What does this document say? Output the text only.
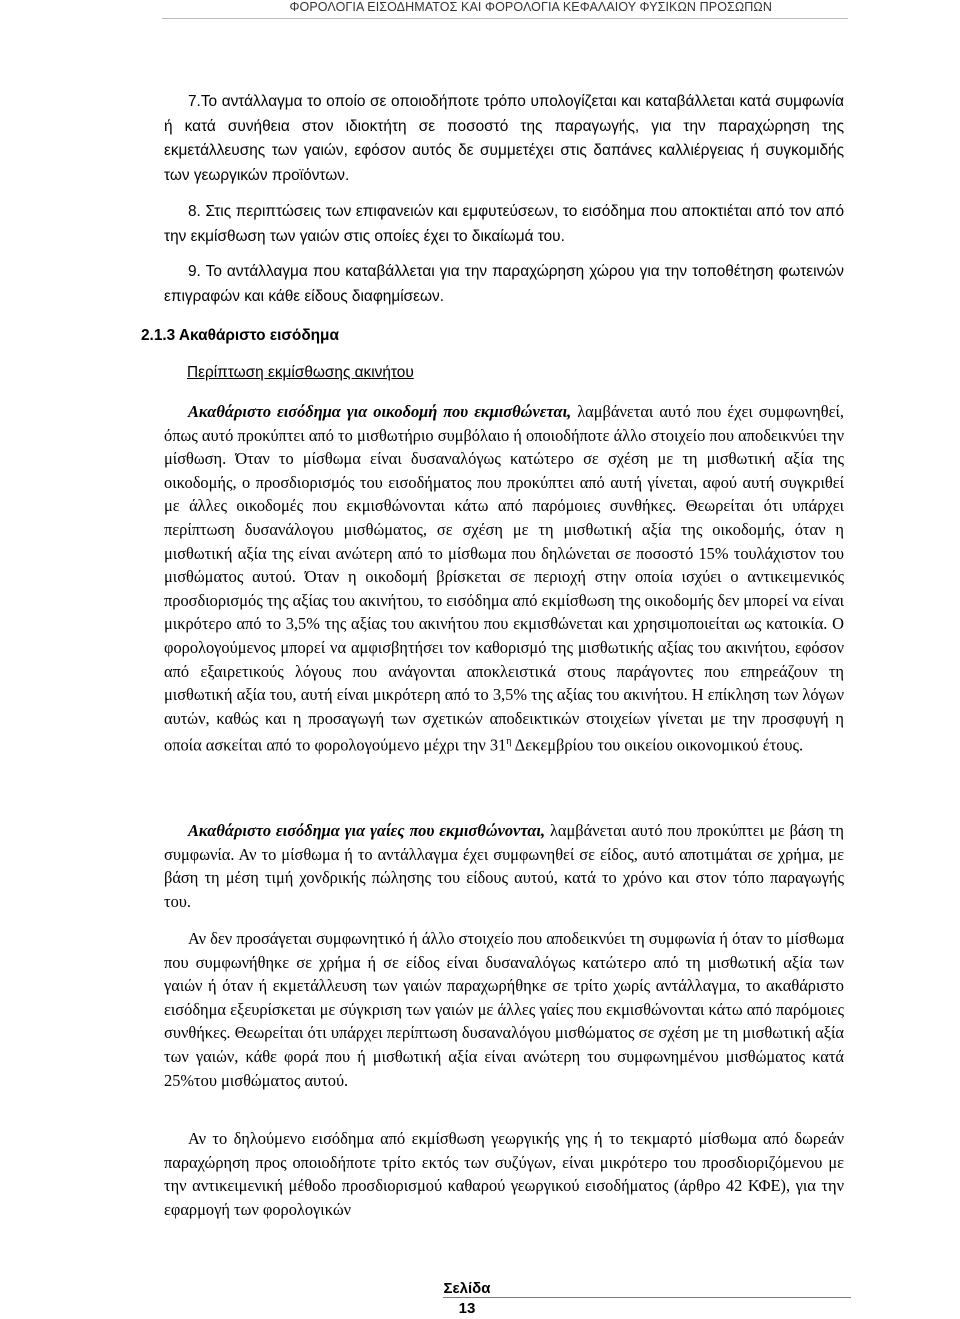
ΦΟΡΟΛΟΓΙΑ ΕΙΣΟΔΗΜΑΤΟΣ ΚΑΙ ΦΟΡΟΛΟΓΙΑ ΚΕΦΑΛΑΙΟΥ ΦΥΣΙΚΩΝ ΠΡΟΣΩΠΩΝ

7.Το αντάλλαγμα το οποίο σε οποιοδήποτε τρόπο υπολογίζεται και καταβάλλεται κατά συμφωνία ή κατά συνήθεια στον ιδιοκτήτη σε ποσοστό της παραγωγής, για την παραχώρηση της εκμετάλλευσης των γαιών, εφόσον αυτός δε συμμετέχει στις δαπάνες καλλιέργειας ή συγκομιδής των γεωργικών προϊόντων.

8. Στις περιπτώσεις των επιφανειών και εμφυτεύσεων, το εισόδημα που αποκτιέται από τον από την εκμίσθωση των γαιών στις οποίες έχει το δικαίωμά του.

9. Το αντάλλαγμα που καταβάλλεται για την παραχώρηση χώρου για την τοποθέτηση φωτεινών επιγραφών και κάθε είδους διαφημίσεων.

2.1.3 Ακαθάριστο εισόδημα
Περίπτωση εκμίσθωσης ακινήτου

Ακαθάριστο εισόδημα για οικοδομή που εκμισθώνεται, λαμβάνεται αυτό που έχει συμφωνηθεί, όπως αυτό προκύπτει από το μισθωτήριο συμβόλαιο ή οποιοδήποτε άλλο στοιχείο που αποδεικνύει την μίσθωση. Όταν το μίσθωμα είναι δυσαναλόγως κατώτερο σε σχέση με τη μισθωτική αξία της οικοδομής, ο προσδιορισμός του εισοδήματος που προκύπτει από αυτή γίνεται, αφού αυτή συγκριθεί με άλλες οικοδομές που εκμισθώνονται κάτω από παρόμοιες συνθήκες. Θεωρείται ότι υπάρχει περίπτωση δυσανάλογου μισθώματος, σε σχέση με τη μισθωτική αξία της οικοδομής, όταν η μισθωτική αξία της είναι ανώτερη από το μίσθωμα που δηλώνεται σε ποσοστό 15% τουλάχιστον του μισθώματος αυτού. Όταν η οικοδομή βρίσκεται σε περιοχή στην οποία ισχύει ο αντικειμενικός προσδιορισμός της αξίας του ακινήτου, το εισόδημα από εκμίσθωση της οικοδομής δεν μπορεί να είναι μικρότερο από το 3,5% της αξίας του ακινήτου που εκμισθώνεται και χρησιμοποιείται ως κατοικία. Ο φορολογούμενος μπορεί να αμφισβητήσει τον καθορισμό της μισθωτικής αξίας του ακινήτου, εφόσον από εξαιρετικούς λόγους που ανάγονται αποκλειστικά στους παράγοντες που επηρεάζουν τη μισθωτική αξία του, αυτή είναι μικρότερη από το 3,5% της αξίας του ακινήτου. Η επίκληση των λόγων αυτών, καθώς και η προσαγωγή των σχετικών αποδεικτικών στοιχείων γίνεται με την προσφυγή η οποία ασκείται από το φορολογούμενο μέχρι την $31^\eta$ Δεκεμβρίου του οικείου οικονομικού έτους.

Ακαθάριστο εισόδημα για γαίες που εκμισθώνονται, λαμβάνεται αυτό που προκύπτει με βάση τη συμφωνία. Αν το μίσθωμα ή το αντάλλαγμα έχει συμφωνηθεί σε είδος, αυτό αποτιμάται σε χρήμα, με βάση τη μέση τιμή χονδρικής πώλησης του είδους αυτού, κατά το χρόνο και στον τόπο παραγωγής του.

Αν δεν προσάγεται συμφωνητικό ή άλλο στοιχείο που αποδεικνύει τη συμφωνία ή όταν το μίσθωμα που συμφωνήθηκε σε χρήμα ή σε είδος είναι δυσαναλόγως κατώτερο από τη μισθωτική αξία των γαιών ή όταν ή εκμετάλλευση των γαιών παραχωρήθηκε σε τρίτο χωρίς αντάλλαγμα, το ακαθάριστο εισόδημα εξευρίσκεται με σύγκριση των γαιών με άλλες γαίες που εκμισθώνονται κάτω από παρόμοιες συνθήκες. Θεωρείται ότι υπάρχει περίπτωση δυσαναλόγου μισθώματος σε σχέση με τη μισθωτική αξία των γαιών, κάθε φορά που ή μισθωτική αξία είναι ανώτερη του συμφωνημένου μισθώματος κατά 25%του μισθώματος αυτού.

Αν το δηλούμενο εισόδημα από εκμίσθωση γεωργικής γης ή το τεκμαρτό μίσθωμα από δωρεάν παραχώρηση προς οποιοδήποτε τρίτο εκτός των συζύγων, είναι μικρότερο του προσδιοριζόμενου με την αντικειμενική μέθοδο προσδιορισμού καθαρού γεωργικού εισοδήματος (άρθρο 42 ΚΦΕ), για την εφαρμογή των φορολογικών

Σελίδα
13
